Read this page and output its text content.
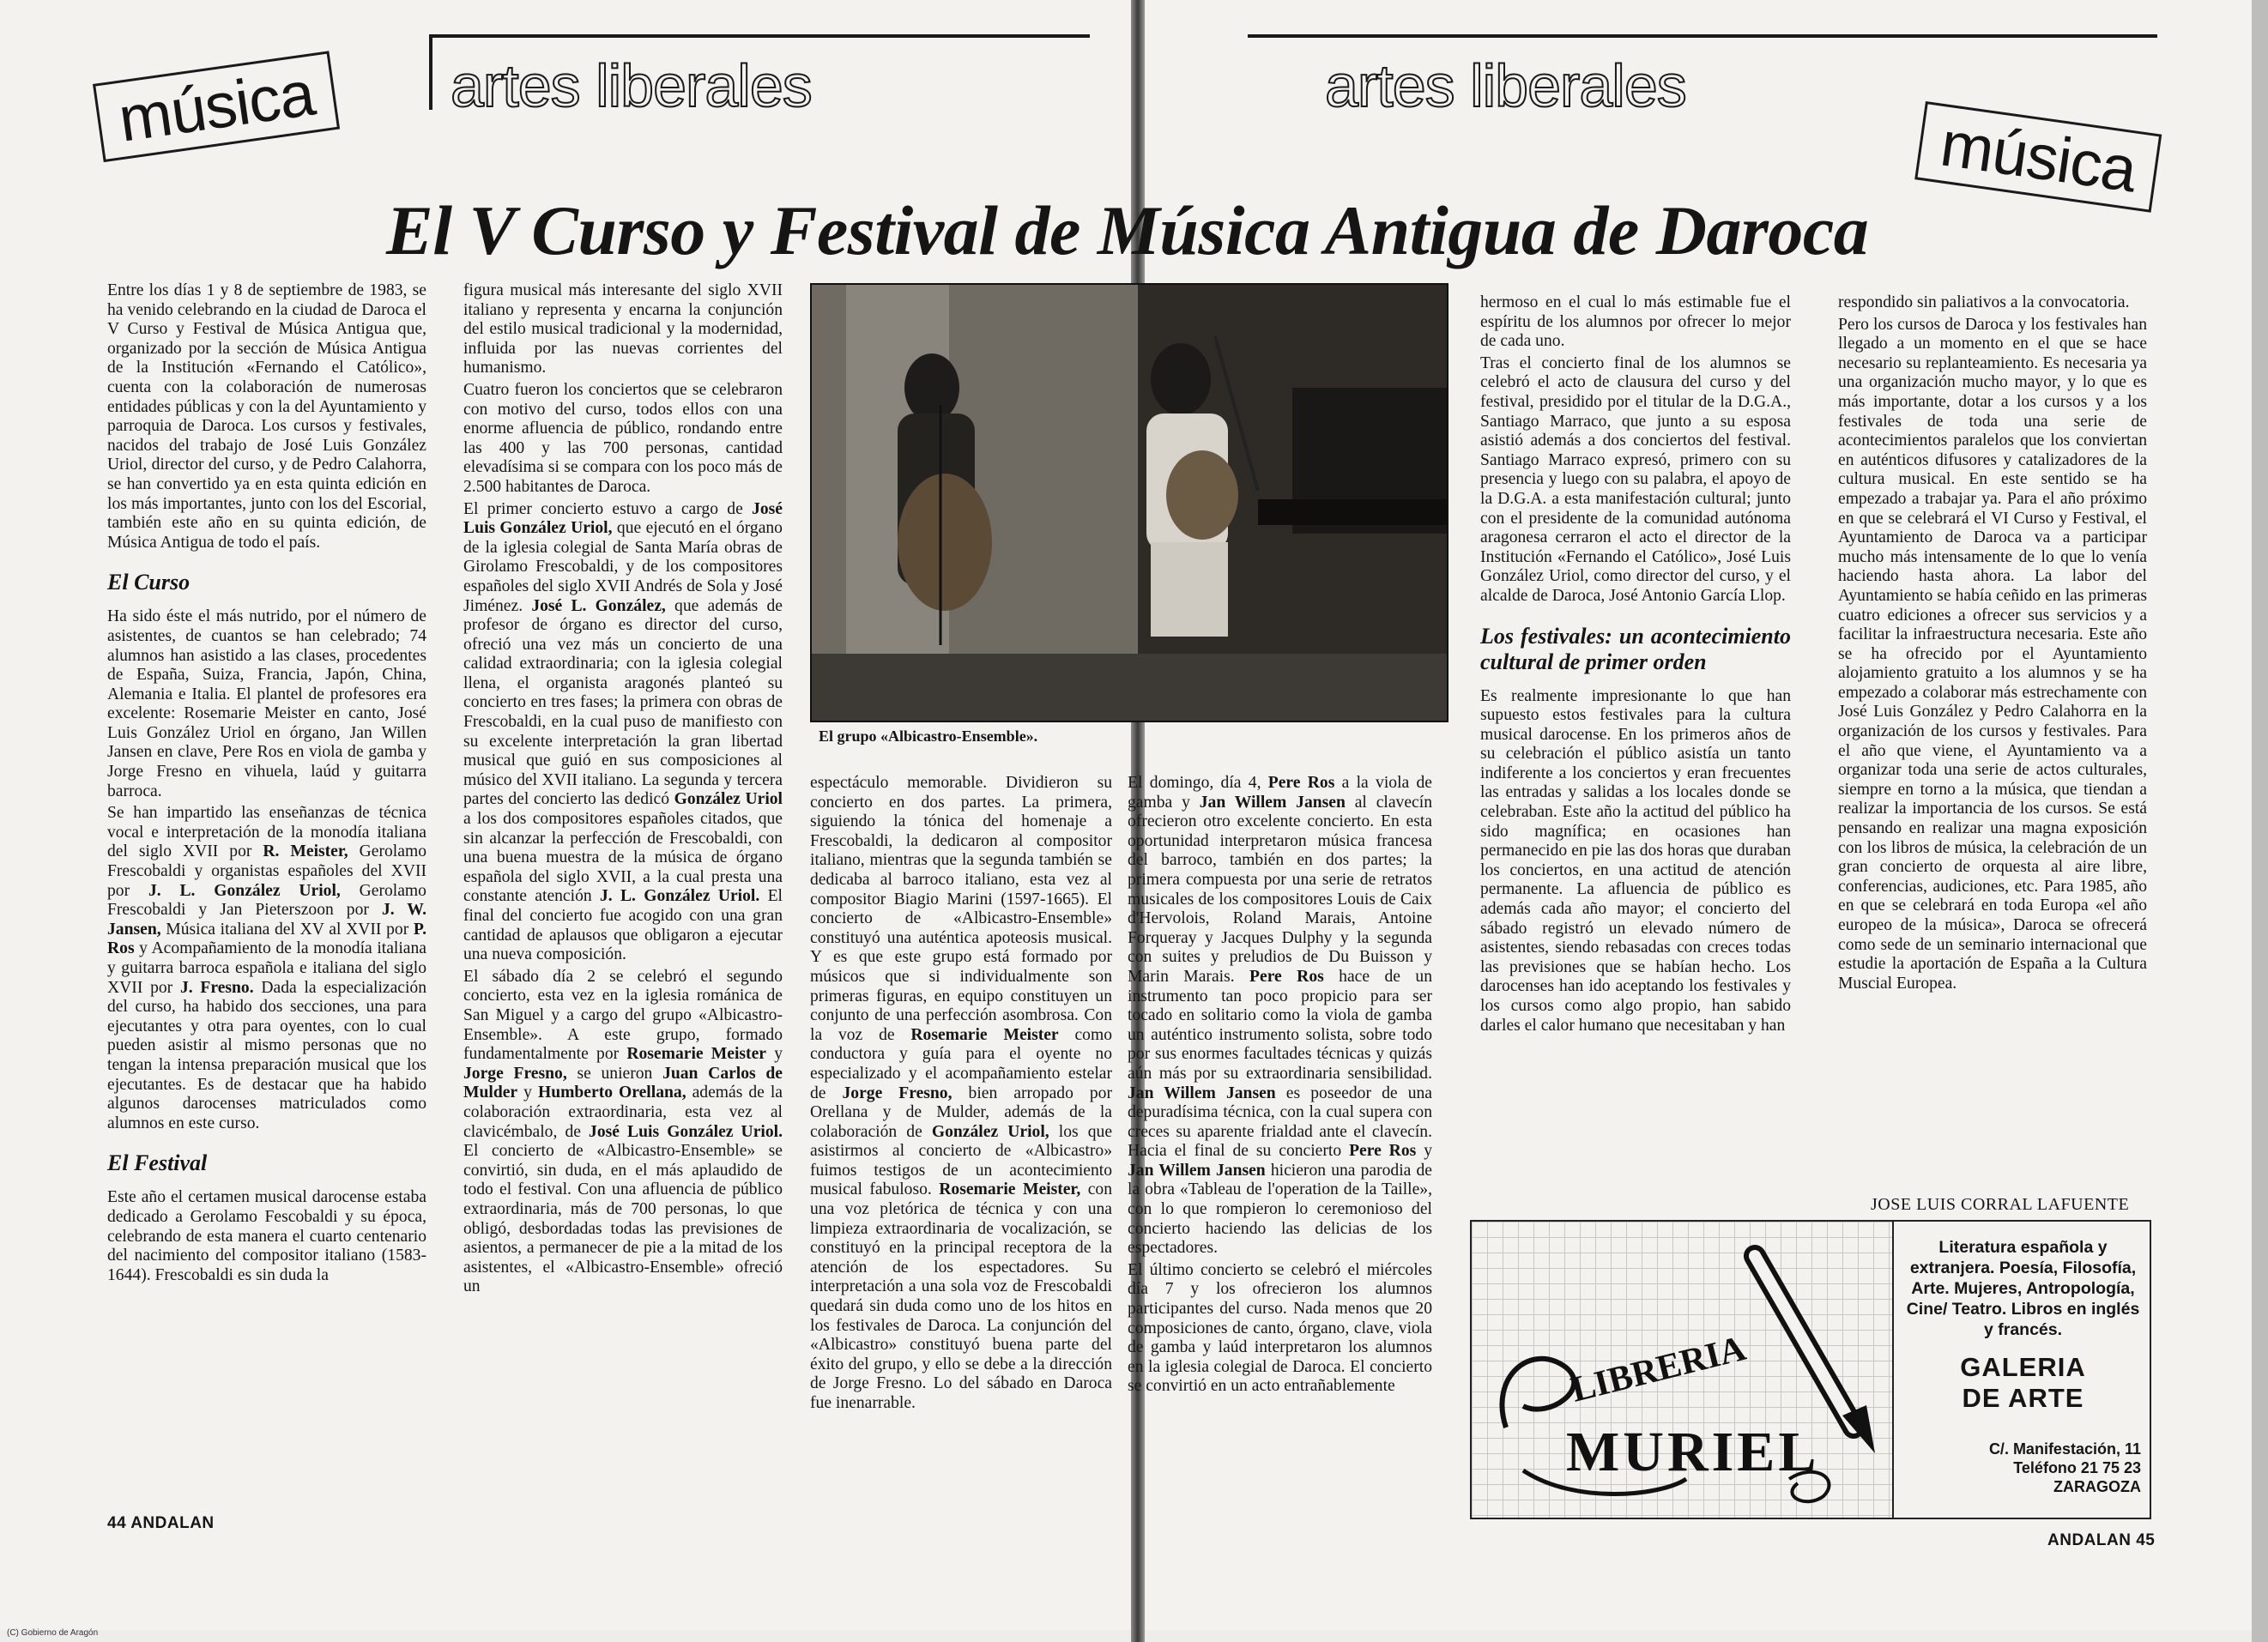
música	artes liberales

Entre los días 1 y 8 de septiembre de 1983, se ha venido celebrando en la ciudad de Daroca el V Curso y Festival de Música Antigua que, organizado por la sección de Música Antigua de la Institución «Fernando el Católico», cuenta con la colaboración de numerosas entidades públicas y con la del Ayuntamiento y parroquia de Daroca. Los cursos y festivales, nacidos del trabajo de José Luis González Uriol, director del curso, y de Pedro Calahorra, se han convertido ya en esta quinta edición en los más importantes, junto con los del Escorial, también este año en su quinta edición, de Música Antigua de todo el país.

El Curso

Ha sido éste el más nutrido, por el número de asistentes, de cuantos se han celebrado; 74 alumnos han asistido a las clases, procedentes de España, Suiza, Francia, Japón, China, Alemania e Italia. El plantel de profesores era excelente: Rosemarie Meister en canto, José Luis González Uriol en órgano, Jan Willen Jansen en clave, Pere Ros en viola de gamba y Jorge Fresno en vihuela, laúd y guitarra barroca.

Se han impartido las enseñanzas de técnica vocal e interpretación de la monodía italiana del siglo XVII por R. Meister, Gerolamo Frescobaldi y organistas españoles del XVII por J. L. González Uriol, Gerolamo Frescobaldi y Jan Pieterszoon por J. W. Jansen, Música italiana del XV al XVII por P. Ros y Acompañamiento de la monodía italiana y guitarra barroca española e italiana del siglo XVII por J. Fresno. Dada la especialización del curso, ha habido dos secciones, una para ejecutantes y otra para oyentes, con lo cual pueden asistir al mismo personas que no tengan la intensa preparación musical que los ejecutantes. Es de destacar que ha habido algunos darocenses matriculados como alumnos en este curso.

El Festival

Este año el certamen musical darocense estaba dedicado a Gerolamo Fescobaldi y su época, celebrando de esta manera el cuarto centenario del nacimiento del compositor italiano (1583-1644). Frescobaldi es sin duda la

figura musical más interesante del siglo XVII italiano y representa y encarna la conjunción del estilo musical tradicional y la modernidad, influida por las nuevas corrientes del humanismo.

Cuatro fueron los conciertos que se celebraron con motivo del curso, todos ellos con una enorme afluencia de público, rondando entre las 400 y las 700 personas, cantidad elevadísima si se compara con los poco más de 2.500 habitantes de Daroca.

El primer concierto estuvo a cargo de José Luis González Uriol, que ejecutó en el órgano de la iglesia colegial de Santa María obras de Girolamo Frescobaldi, y de los compositores españoles del siglo XVII Andrés de Sola y José Jiménez. José L. González, que además de profesor de órgano es director del curso, ofreció una vez más un concierto de una calidad extraordinaria; con la iglesia colegial llena, el organista aragonés planteó su concierto en tres fases; la primera con obras de Frescobaldi, en la cual puso de manifiesto con su excelente interpretación la gran libertad musical que guió en sus composiciones al músico del XVII italiano. La segunda y tercera partes del concierto las dedicó González Uriol a los dos compositores españoles citados, que sin alcanzar la perfección de Frescobaldi, con una buena muestra de la música de órgano española del siglo XVII, a la cual presta una constante atención J. L. González Uriol. El final del concierto fue acogido con una gran cantidad de aplausos que obligaron a ejecutar una nueva composición.

El sábado día 2 se celebró el segundo concierto, esta vez en la iglesia románica de San Miguel y a cargo del grupo «Albicastro-Ensemble». A este grupo, formado fundamentalmente por Rosemarie Meister y Jorge Fresno, se unieron Juan Carlos de Mulder y Humberto Orellana, además de la colaboración extraordinaria, esta vez al clavicémbalo, de José Luis González Uriol. El concierto de «Albicastro-Ensemble» se convirtió, sin duda, en el más aplaudido de todo el festival. Con una afluencia de público extraordinaria, más de 700 personas, lo que obligó, desbordadas todas las previsiones de asientos, a permanecer de pie a la mitad de los asistentes, el «Albicastro-Ensemble» ofreció un

espectáculo memorable. Dividieron su concierto en dos partes. La primera, siguiendo la tónica del homenaje a Frescobaldi, la dedicaron al compositor italiano, mientras que la segunda también se dedicaba al barroco italiano, esta vez al compositor Biagio Marini (1597-1665). El concierto de «Albicastro-Ensemble» constituyó una auténtica apoteosis musical. Y es que este grupo está formado por músicos que si individualmente son primeras figuras, en equipo constituyen un conjunto de una perfección asombrosa. Con la voz de Rosemarie Meister como conductora y guía para el oyente no especializado y el acompañamiento estelar de Jorge Fresno, bien arropado por Orellana y de Mulder, además de la colaboración de González Uriol, los que asistirmos al concierto de «Albicastro» fuimos testigos de un acontecimiento musical fabuloso. Rosemarie Meister, con una voz pletórica de técnica y con una limpieza extraordinaria de vocalización, se constituyó en la principal receptora de la atención de los espectadores. Su interpretación a una sola voz de Frescobaldi quedará sin duda como uno de los hitos en los festivales de Daroca. La conjunción del «Albicastro» constituyó buena parte del éxito del grupo, y ello se debe a la dirección de Jorge Fresno. Lo del sábado en Daroca fue inenarrable.

44 ANDALAN
artes liberales
música

El domingo, día 4, Pere Ros a la viola de gamba y Jan Willem Jansen al clavecín ofrecieron otro excelente concierto. En esta oportunidad interpretaron música francesa del barroco, también en dos partes; la primera compuesta por una serie de retratos musicales de los compositores Louis de Caix d'Hervolois, Roland Marais, Antoine Forqueray y Jacques Dulphy y la segunda con suites y preludios de Du Buisson y Marin Marais. Pere Ros hace de un instrumento tan poco propicio para ser tocado en solitario como la viola de gamba un auténtico instrumento solista, sobre todo por sus enormes facultades técnicas y quizás aún más por su extraordinaria sensibilidad. Jan Willem Jansen es poseedor de una depuradísima técnica, con la cual supera con creces su aparente frialdad ante el clavecín. Hacia el final de su concierto Pere Ros y Jan Willem Jansen hicieron una parodia de la obra «Tableau de l'operation de la Taille», con lo que rompieron lo ceremonioso del concierto haciendo las delicias de los espectadores.

El último concierto se celebró el miércoles día 7 y los ofrecieron los alumnos participantes del curso. Nada menos que 20 composiciones de canto, órgano, clave, viola de gamba y laúd interpretaron los alumnos en la iglesia colegial de Daroca. El concierto se convirtió en un acto entrañablemente

hermoso en el cual lo más estimable fue el espíritu de los alumnos por ofrecer lo mejor de cada uno.

Tras el concierto final de los alumnos se celebró el acto de clausura del curso y del festival, presidido por el titular de la D.G.A., Santiago Marraco, que junto a su esposa asistió además a dos conciertos del festival. Santiago Marraco expresó, primero con su presencia y luego con su palabra, el apoyo de la D.G.A. a esta manifestación cultural; junto con el presidente de la comunidad autónoma aragonesa cerraron el acto el director de la Institución «Fernando el Católico», José Luis González Uriol, como director del curso, y el alcalde de Daroca, José Antonio García Llop.

Los festivales: un acontecimiento cultural de primer orden

Es realmente impresionante lo que han supuesto estos festivales para la cultura musical darocense. En los primeros años de su celebración el público asistía un tanto indiferente a los conciertos y eran frecuentes las entradas y salidas a los locales donde se celebraban. Este año la actitud del público ha sido magnífica; en ocasiones han permanecido en pie las dos horas que duraban los conciertos, en una actitud de atención permanente. La afluencia de público es además cada año mayor; el concierto del sábado registró un elevado número de asistentes, siendo rebasadas con creces todas las previsiones que se habían hecho. Los darocenses han ido aceptando los festivales y los cursos como algo propio, han sabido darles el calor humano que necesitaban y han

respondido sin paliativos a la convocatoria.

Pero los cursos de Daroca y los festivales han llegado a un momento en el que se hace necesario su replanteamiento. Es necesaria ya una organización mucho mayor, y lo que es más importante, dotar a los cursos y a los festivales de toda una serie de acontecimientos paralelos que los conviertan en auténticos difusores y catalizadores de la cultura musical. En este sentido se ha empezado a trabajar ya. Para el año próximo en que se celebrará el VI Curso y Festival, el Ayuntamiento de Daroca va a participar mucho más intensamente de lo que lo venía haciendo hasta ahora. La labor del Ayuntamiento se había ceñido en las primeras cuatro ediciones a ofrecer sus servicios y a facilitar la infraestructura necesaria. Este año se ha ofrecido por el Ayuntamiento alojamiento gratuito a los alumnos y se ha empezado a colaborar más estrechamente con José Luis González y Pedro Calahorra en la organización de los cursos y festivales. Para el año que viene, el Ayuntamiento va a organizar toda una serie de actos culturales, siempre en torno a la música, que tiendan a realizar la importancia de los cursos. Se está pensando en realizar una magna exposición con los libros de música, la celebración de un gran concierto de orquesta al aire libre, conferencias, audiciones, etc. Para 1985, año en que se celebrará en toda Europa «el año europeo de la música», Daroca se ofrecerá como sede de un seminario internacional que estudie la aportación de España a la Cultura Muscial Europea.

ANDALAN 45
El V Curso y Festival de Música Antigua de Daroca
El grupo «Albicastro-Ensemble».
JOSE LUIS CORRAL LAFUENTE
LIBRERIA
MURIEL
Literatura española y extranjera. Poesía, Filosofía, Arte. Mujeres, Antropología, Cine/ Teatro. Libros en inglés y francés.
GALERIA
DE ARTE
C/. Manifestación, 11
Teléfono 21 75 23
ZARAGOZA
(C) Gobierno de Aragón
